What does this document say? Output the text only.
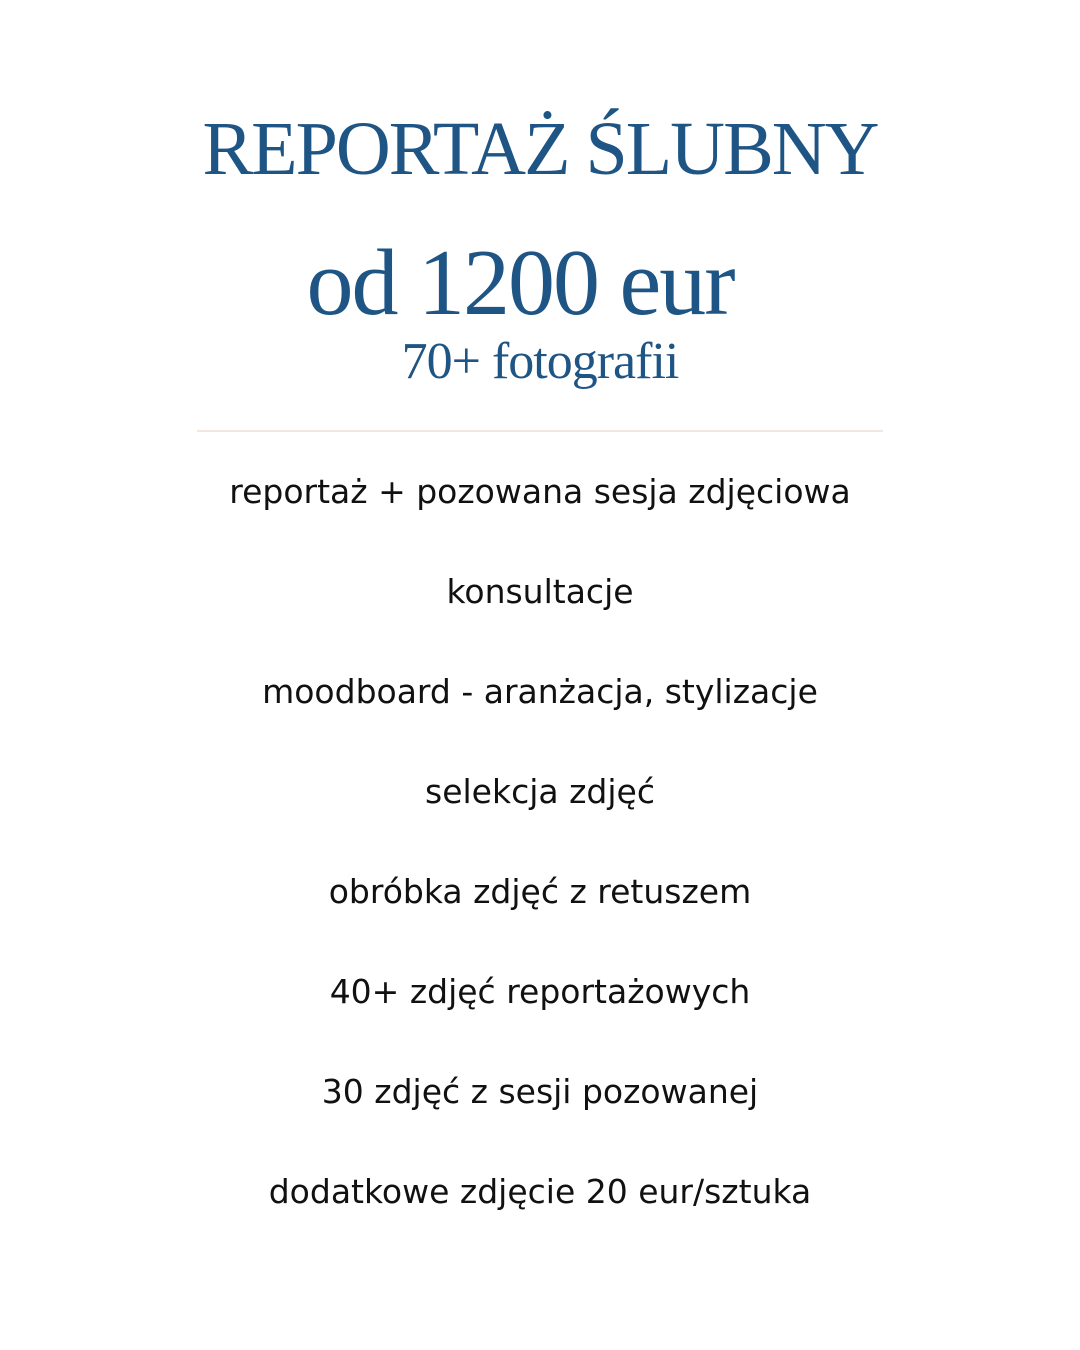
REPORTAŻ ŚLUBNY
od 1200 eur
70+ fotografii
reportaż + pozowana sesja zdjęciowa
konsultacje
moodboard - aranżacja, stylizacje
selekcja zdjęć
obróbka zdjęć z retuszem
40+ zdjęć reportażowych
30 zdjęć z sesji pozowanej
dodatkowe zdjęcie 20 eur/sztuka
